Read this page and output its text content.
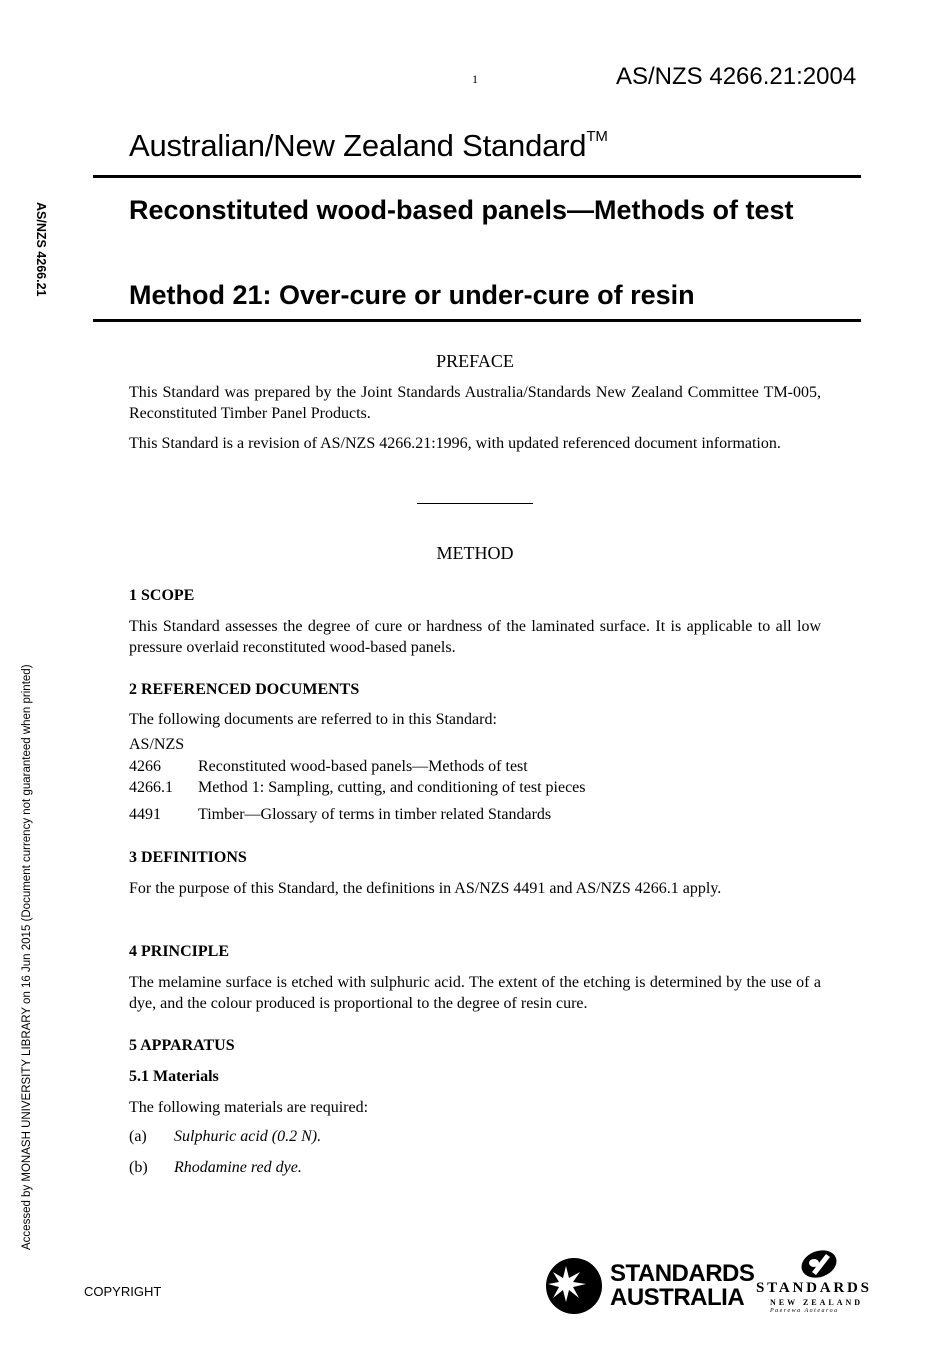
1	AS/NZS 4266.21:2004
Australian/New Zealand Standard™
AS/NZS 4266.21
Accessed by MONASH UNIVERSITY LIBRARY on 16 Jun 2015 (Document currency not guaranteed when printed)
Reconstituted wood-based panels—Methods of test
Method 21: Over-cure or under-cure of resin
PREFACE
This Standard was prepared by the Joint Standards Australia/Standards New Zealand Committee TM-005, Reconstituted Timber Panel Products.
This Standard is a revision of AS/NZS 4266.21:1996, with updated referenced document information.
METHOD
1 SCOPE
This Standard assesses the degree of cure or hardness of the laminated surface. It is applicable to all low pressure overlaid reconstituted wood-based panels.
2 REFERENCED DOCUMENTS
The following documents are referred to in this Standard:
AS/NZS
4266 Reconstituted wood-based panels—Methods of test
4266.1 Method 1: Sampling, cutting, and conditioning of test pieces
4491 Timber—Glossary of terms in timber related Standards
3 DEFINITIONS
For the purpose of this Standard, the definitions in AS/NZS 4491 and AS/NZS 4266.1 apply.
4 PRINCIPLE
The melamine surface is etched with sulphuric acid. The extent of the etching is determined by the use of a dye, and the colour produced is proportional to the degree of resin cure.
5 APPARATUS
5.1 Materials
The following materials are required:
(a) Sulphuric acid (0.2 N).
(b) Rhodamine red dye.
COPYRIGHT
STANDARDS
AUSTRALIA STANDARDS
NEW ZEALAND
Paerewa Aotearoa
